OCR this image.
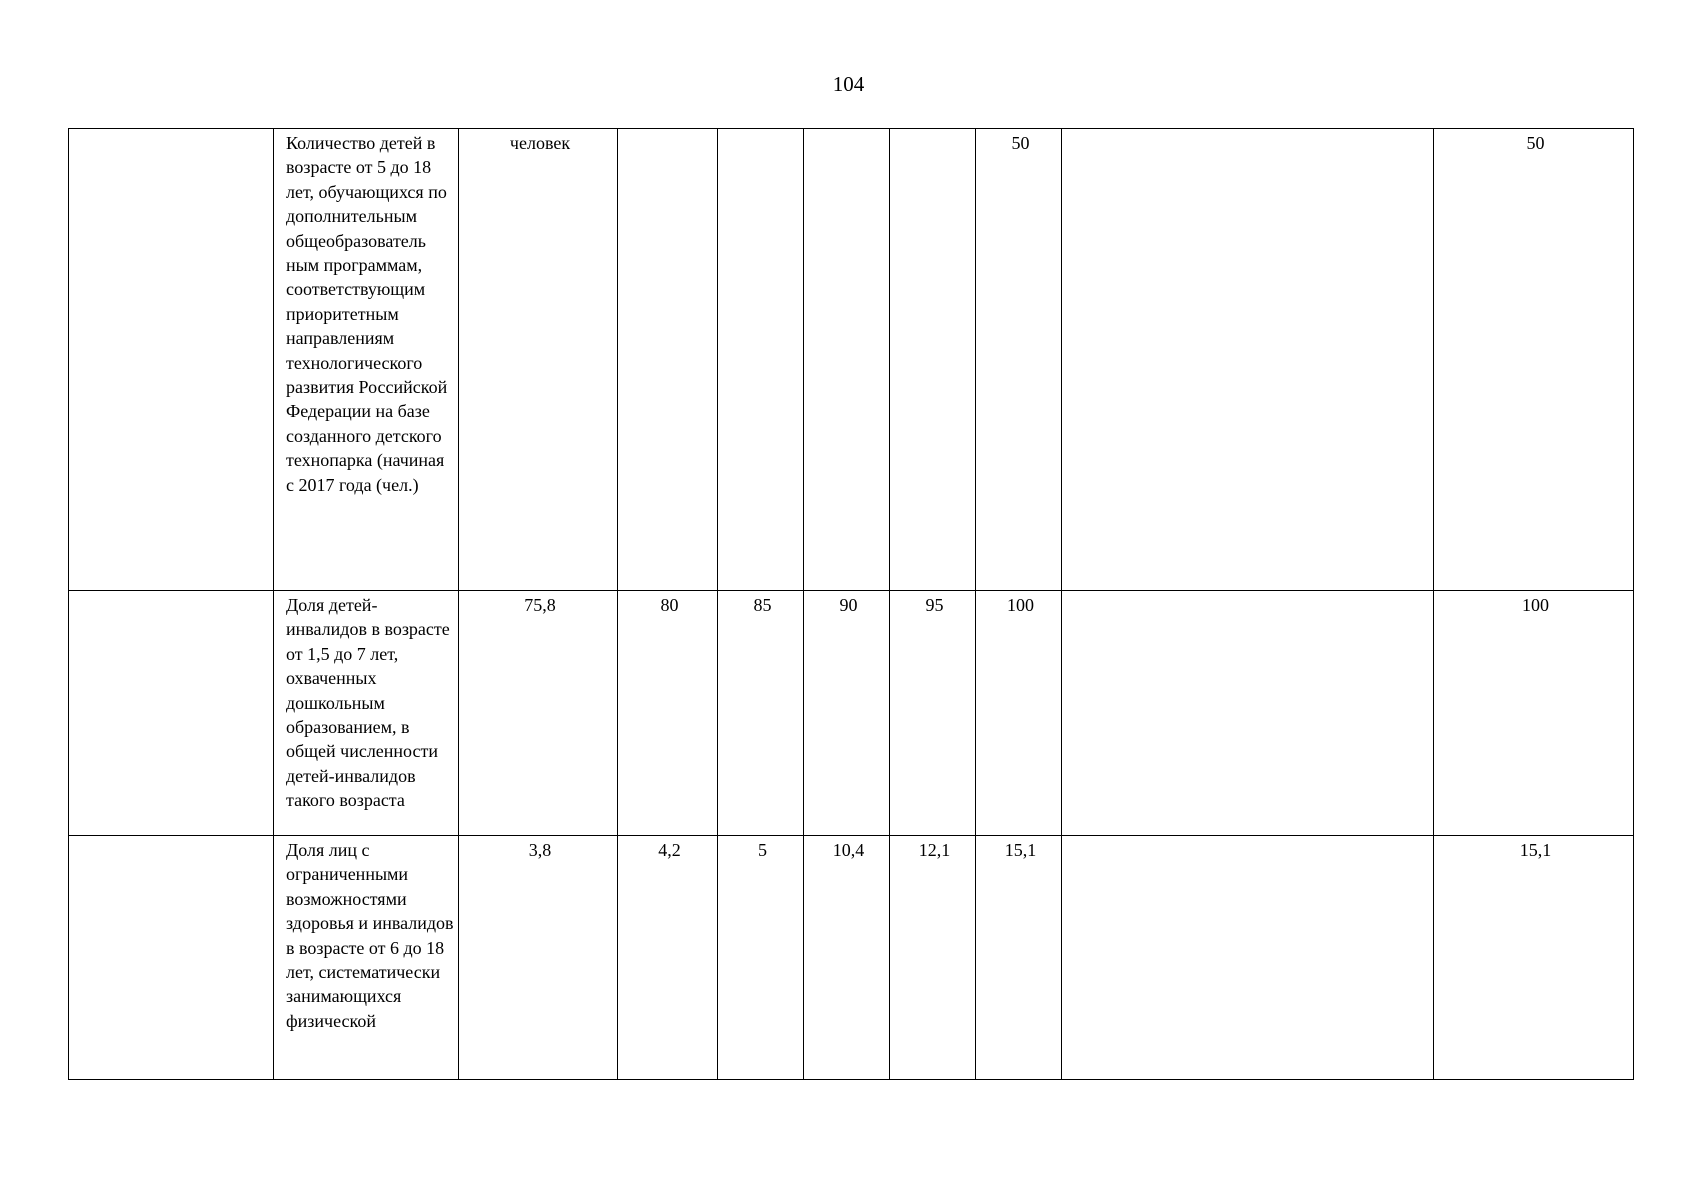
104
	Количество детей в возрасте от 5 до 18 лет, обучающихся по дополнительным общеобразователь ным программам, соответствующим приоритетным направлениям технологического развития Российской Федерации на базе созданного детского технопарка (начиная с 2017 года (чел.)	человек					50		50
	Доля детей-инвалидов в возрасте от 1,5 до 7 лет, охваченных дошкольным образованием, в общей численности детей-инвалидов такого возраста	75,8	80	85	90	95	100		100
	Доля лиц с ограниченными возможностями здоровья и инвалидов в возрасте от 6 до 18 лет, систематически занимающихся физической	3,8	4,2	5	10,4	12,1	15,1		15,1
